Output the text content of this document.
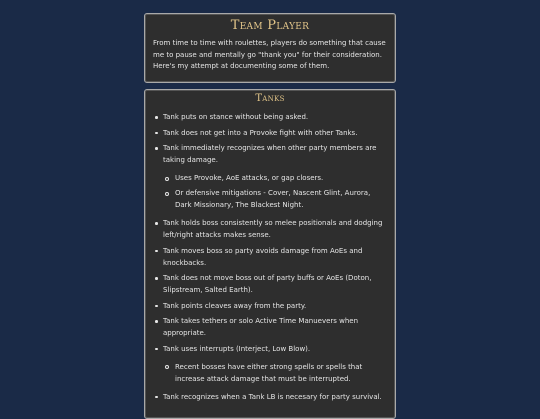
Team Player
From time to time with roulettes, players do something that cause me to pause and mentally go "thank you" for their consideration. Here's my attempt at documenting some of them.
Tanks
Tank puts on stance without being asked.
Tank does not get into a Provoke fight with other Tanks.
Tank immediately recognizes when other party members are taking damage.
Uses Provoke, AoE attacks, or gap closers.
Or defensive mitigations - Cover, Nascent Glint, Aurora, Dark Missionary, The Blackest Night.
Tank holds boss consistently so melee positionals and dodging left/right attacks makes sense.
Tank moves boss so party avoids damage from AoEs and knockbacks.
Tank does not move boss out of party buffs or AoEs (Doton, Slipstream, Salted Earth).
Tank points cleaves away from the party.
Tank takes tethers or solo Active Time Manuevers when appropriate.
Tank uses interrupts (Interject, Low Blow).
Recent bosses have either strong spells or spells that increase attack damage that must be interrupted.
Tank recognizes when a Tank LB is necesary for party survival.
